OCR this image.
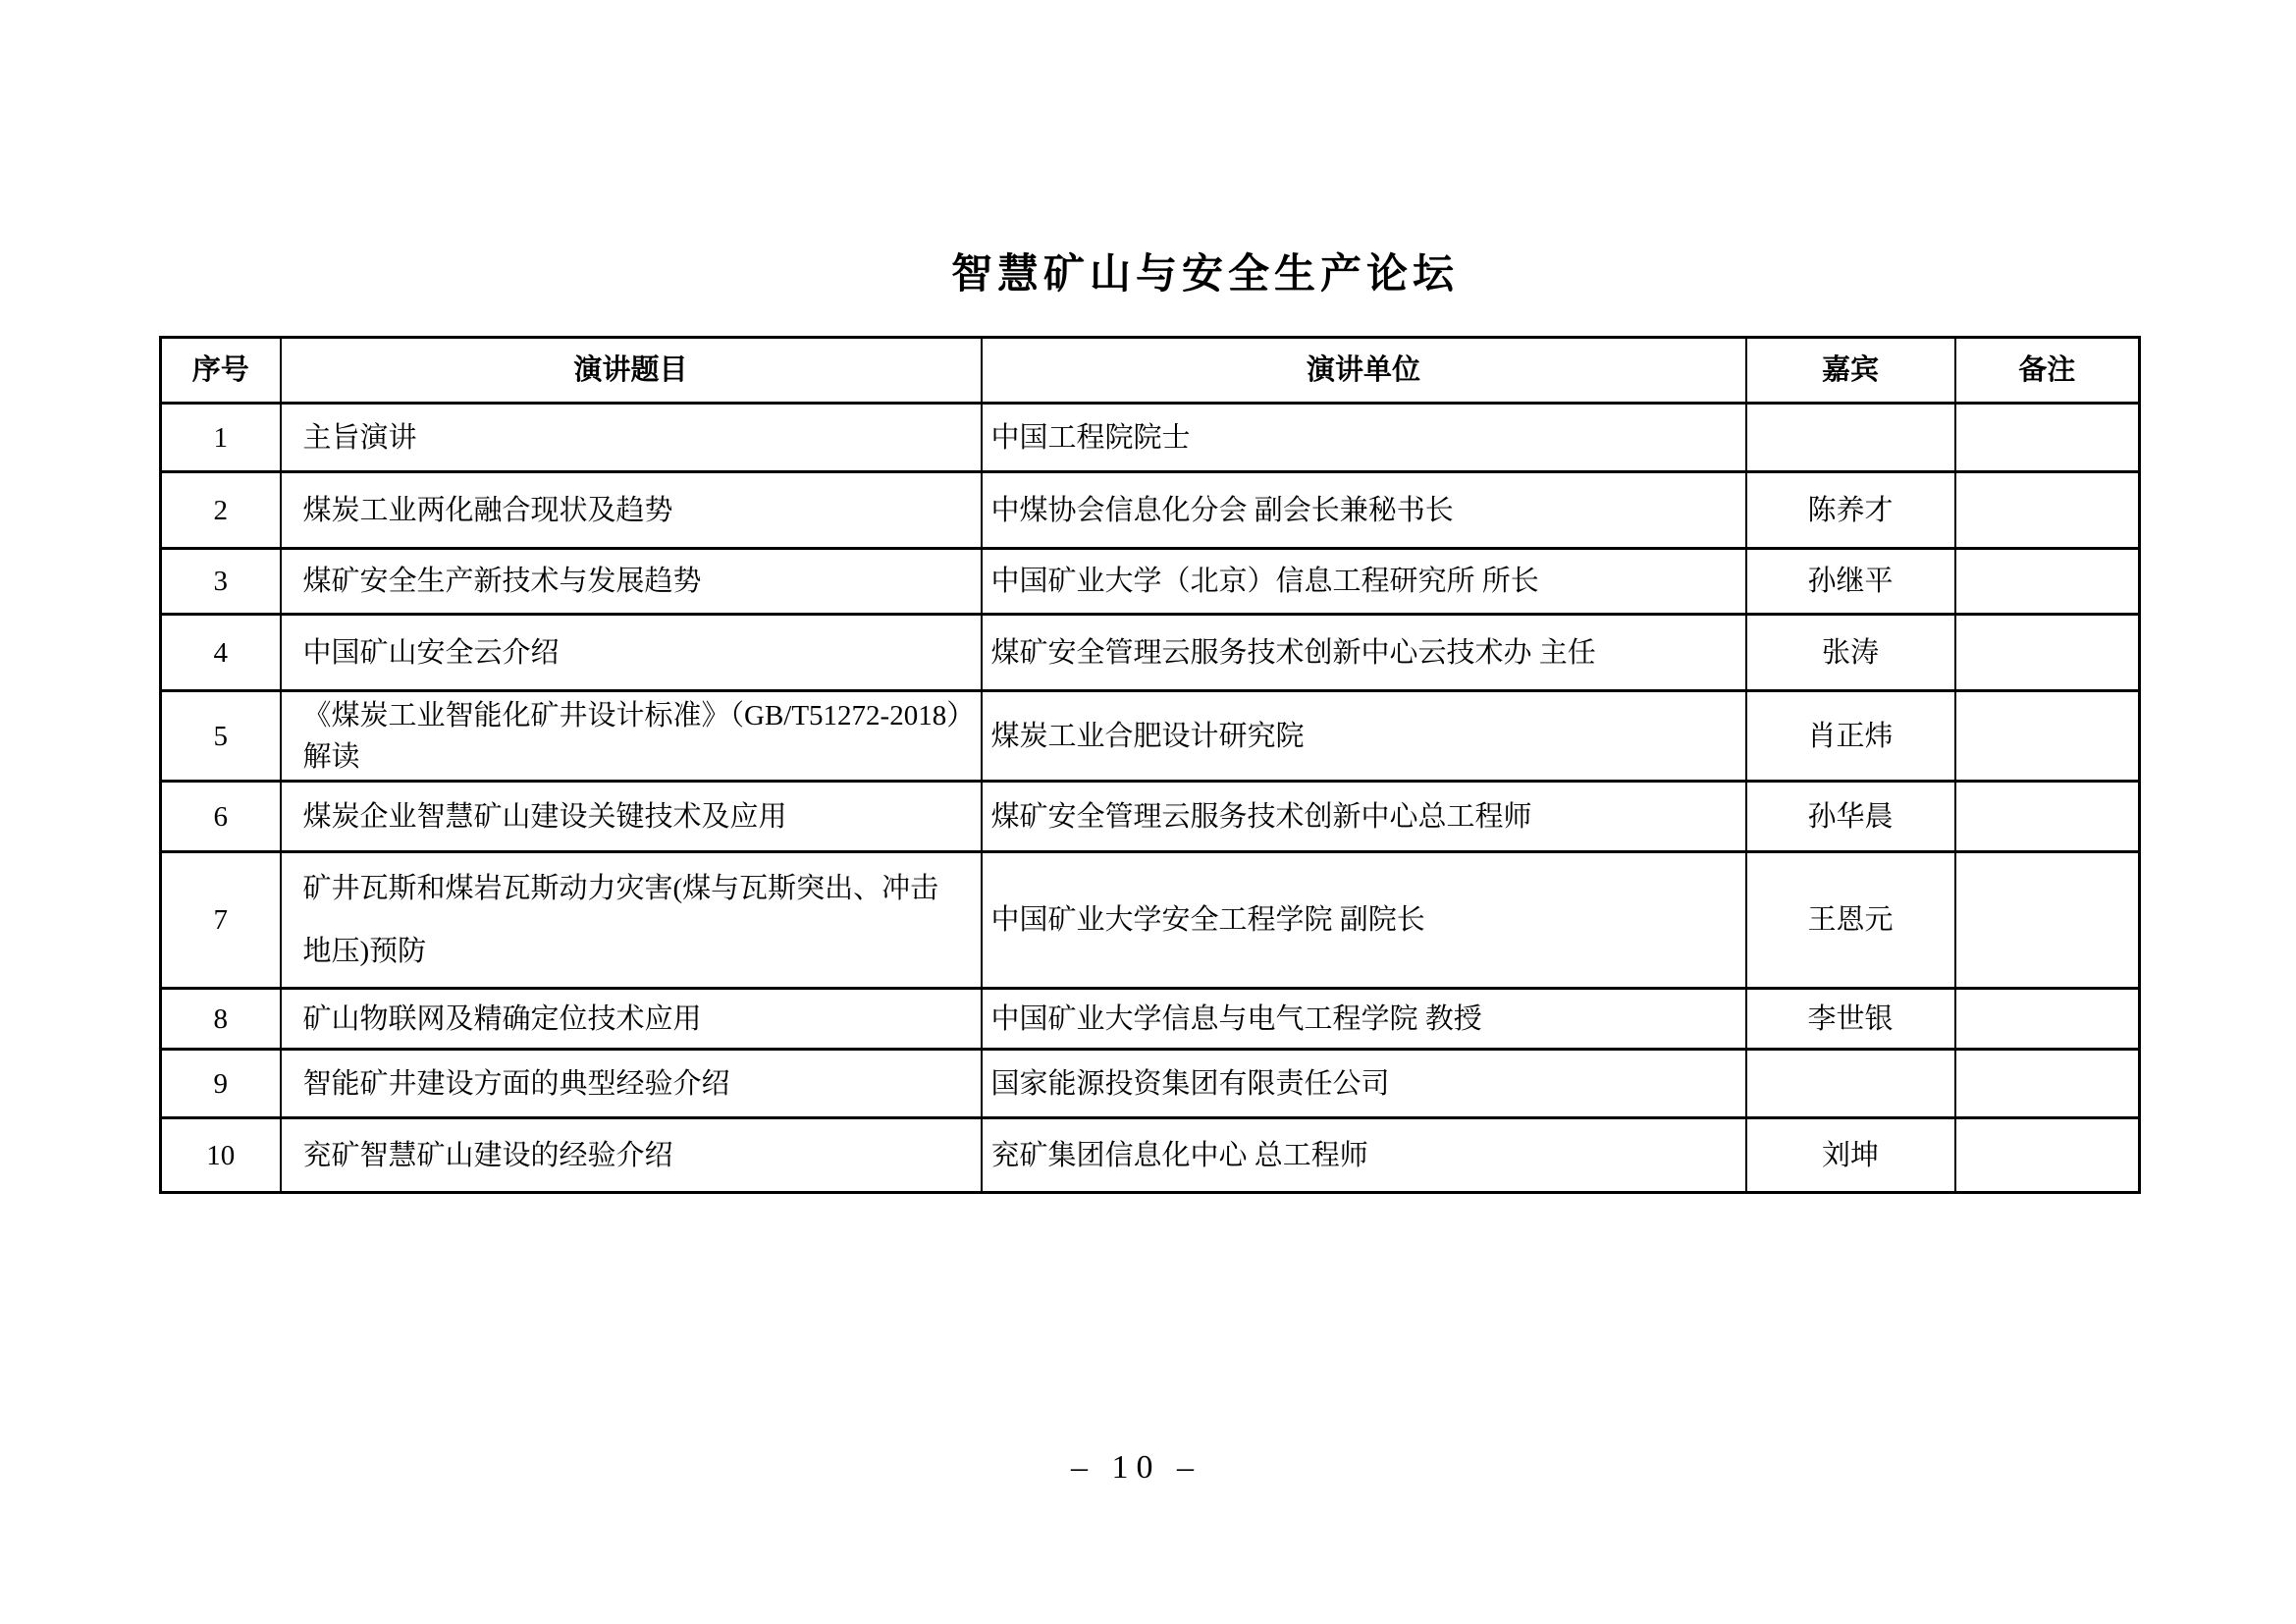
智慧矿山与安全生产论坛
序号	演讲题目	演讲单位	嘉宾	备注
1	主旨演讲	中国工程院院士		
2	煤炭工业两化融合现状及趋势	中煤协会信息化分会 副会长兼秘书长	陈养才	
3	煤矿安全生产新技术与发展趋势	中国矿业大学（北京）信息工程研究所 所长	孙继平	
4	中国矿山安全云介绍	煤矿安全管理云服务技术创新中心云技术办 主任	张涛	
5	《煤炭工业智能化矿井设计标准》（GB/T51272-2018）解读	煤炭工业合肥设计研究院	肖正炜	
6	煤炭企业智慧矿山建设关键技术及应用	煤矿安全管理云服务技术创新中心总工程师	孙华晨	
7	矿井瓦斯和煤岩瓦斯动力灾害(煤与瓦斯突出、冲击地压)预防	中国矿业大学安全工程学院 副院长	王恩元	
8	矿山物联网及精确定位技术应用	中国矿业大学信息与电气工程学院 教授	李世银	
9	智能矿井建设方面的典型经验介绍	国家能源投资集团有限责任公司		
10	兖矿智慧矿山建设的经验介绍	兖矿集团信息化中心 总工程师	刘坤	
– 10 –
